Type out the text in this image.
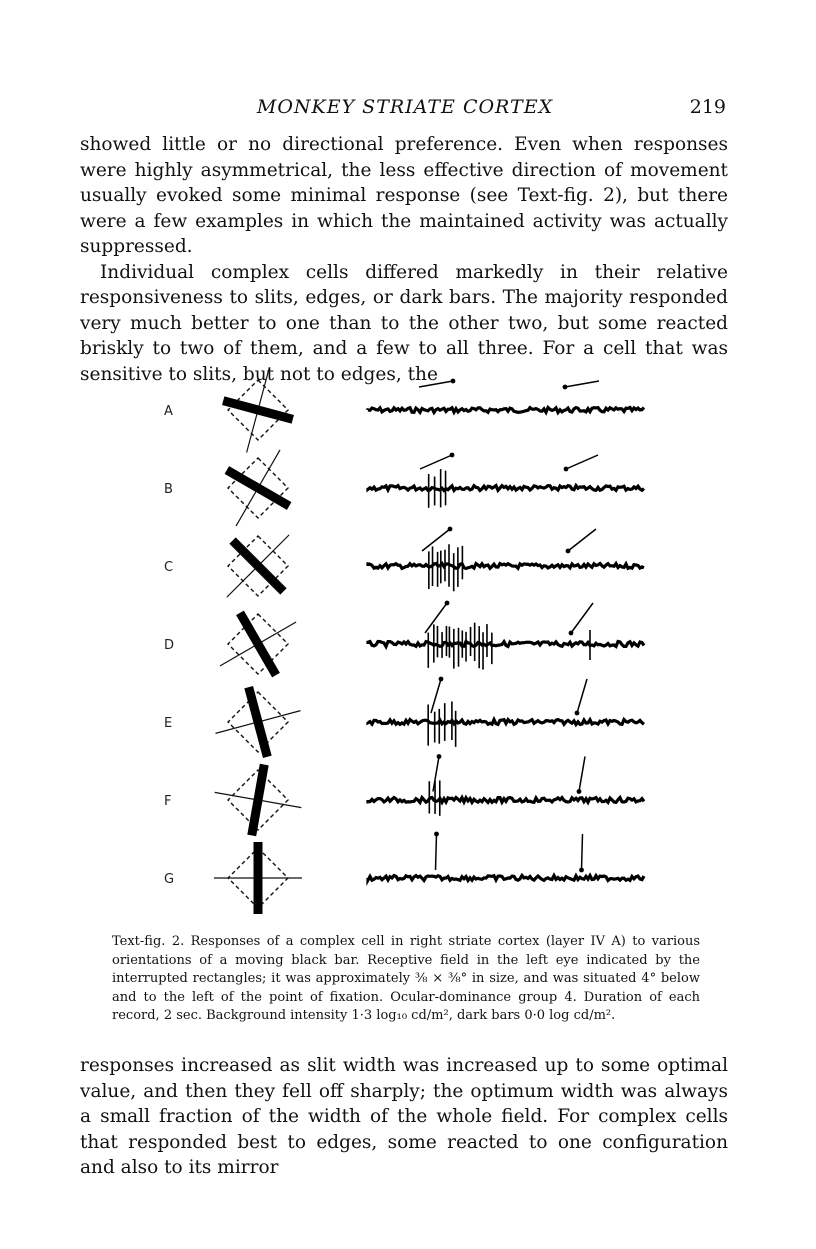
MONKEY STRIATE CORTEX	219

showed little or no directional preference. Even when responses were highly asymmetrical, the less effective direction of movement usually evoked some minimal response (see Text-fig. 2), but there were a few examples in which the maintained activity was actually suppressed.

Individual complex cells differed markedly in their relative responsiveness to slits, edges, or dark bars. The majority responded very much better to one than to the other two, but some reacted briskly to two of them, and a few to all three. For a cell that was sensitive to slits, but not to edges, the

A
B
C
D
E
F
G

Text-fig. 2. Responses of a complex cell in right striate cortex (layer IV A) to various orientations of a moving black bar. Receptive field in the left eye indicated by the interrupted rectangles; it was approximately ⅜ × ⅜° in size, and was situated 4° below and to the left of the point of fixation. Ocular-dominance group 4. Duration of each record, 2 sec. Background intensity 1·3 log₁₀ cd/m², dark bars 0·0 log cd/m².

responses increased as slit width was increased up to some optimal value, and then they fell off sharply; the optimum width was always a small fraction of the width of the whole field. For complex cells that responded best to edges, some reacted to one configuration and also to its mirror
